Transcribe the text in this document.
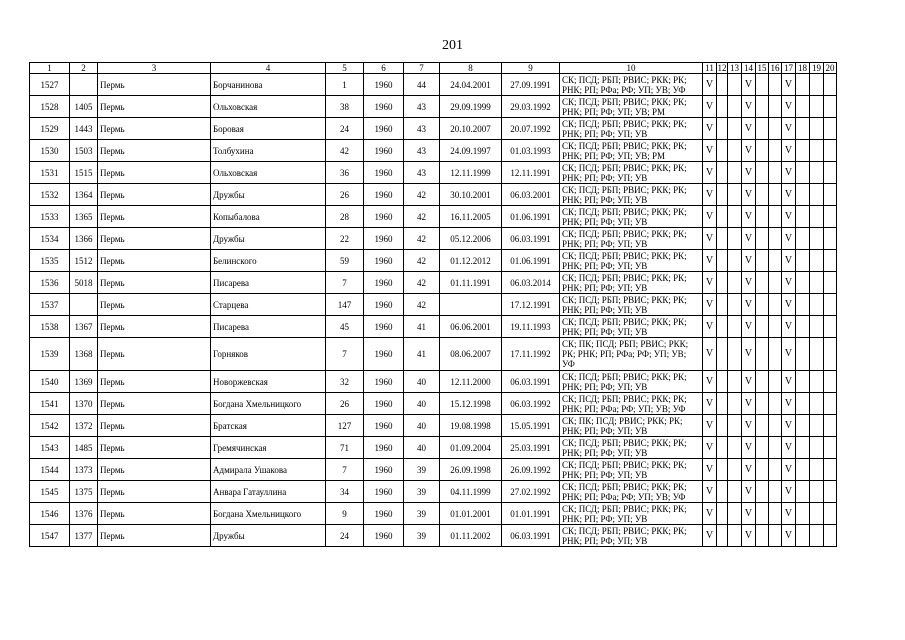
201
1	2	3	4	5	6	7	8	9	10	11	12	13	14	15	16	17	18	19	20
1527		Пермь	Борчанинова	1	1960	44	24.04.2001	27.09.1991	СК; ПСД; РБП; РВИС; РКК; РК; РНК; РП; РФа; РФ; УП; УВ; УФ	V			V			V			
1528	1405	Пермь	Ольховская	38	1960	43	29.09.1999	29.03.1992	СК; ПСД; РБП; РВИС; РКК; РК; РНК; РП; РФ; УП; УВ; РМ	V			V			V			
1529	1443	Пермь	Боровая	24	1960	43	20.10.2007	20.07.1992	СК; ПСД; РБП; РВИС; РКК; РК; РНК; РП; РФ; УП; УВ	V			V			V			
1530	1503	Пермь	Толбухина	42	1960	43	24.09.1997	01.03.1993	СК; ПСД; РБП; РВИС; РКК; РК; РНК; РП; РФ; УП; УВ; РМ	V			V			V			
1531	1515	Пермь	Ольховская	36	1960	43	12.11.1999	12.11.1991	СК; ПСД; РБП; РВИС; РКК; РК; РНК; РП; РФ; УП; УВ	V			V			V			
1532	1364	Пермь	Дружбы	26	1960	42	30.10.2001	06.03.2001	СК; ПСД; РБП; РВИС; РКК; РК; РНК; РП; РФ; УП; УВ	V			V			V			
1533	1365	Пермь	Копыбалова	28	1960	42	16.11.2005	01.06.1991	СК; ПСД; РБП; РВИС; РКК; РК; РНК; РП; РФ; УП; УВ	V			V			V			
1534	1366	Пермь	Дружбы	22	1960	42	05.12.2006	06.03.1991	СК; ПСД; РБП; РВИС; РКК; РК; РНК; РП; РФ; УП; УВ	V			V			V			
1535	1512	Пермь	Белинского	59	1960	42	01.12.2012	01.06.1991	СК; ПСД; РБП; РВИС; РКК; РК; РНК; РП; РФ; УП; УВ	V			V			V			
1536	5018	Пермь	Писарева	7	1960	42	01.11.1991	06.03.2014	СК; ПСД; РБП; РВИС; РКК; РК; РНК; РП; РФ; УП; УВ	V			V			V			
1537		Пермь	Старцева	147	1960	42		17.12.1991	СК; ПСД; РБП; РВИС; РКК; РК; РНК; РП; РФ; УП; УВ	V			V			V			
1538	1367	Пермь	Писарева	45	1960	41	06.06.2001	19.11.1993	СК; ПСД; РБП; РВИС; РКК; РК; РНК; РП; РФ; УП; УВ	V			V			V			
1539	1368	Пермь	Горняков	7	1960	41	08.06.2007	17.11.1992	СК; ПК; ПСД; РБП; РВИС; РКК; РК; РНК; РП; РФа; РФ; УП; УВ; УФ	V			V			V			
1540	1369	Пермь	Новоржевская	32	1960	40	12.11.2000	06.03.1991	СК; ПСД; РБП; РВИС; РКК; РК; РНК; РП; РФ; УП; УВ	V			V			V			
1541	1370	Пермь	Богдана Хмельницкого	26	1960	40	15.12.1998	06.03.1992	СК; ПСД; РБП; РВИС; РКК; РК; РНК; РП; РФа; РФ; УП; УВ; УФ	V			V			V			
1542	1372	Пермь	Братская	127	1960	40	19.08.1998	15.05.1991	СК; ПК; ПСД; РВИС; РКК; РК; РНК; РП; РФ; УП; УВ	V			V			V			
1543	1485	Пермь	Гремячинская	71	1960	40	01.09.2004	25.03.1991	СК; ПСД; РБП; РВИС; РКК; РК; РНК; РП; РФ; УП; УВ	V			V			V			
1544	1373	Пермь	Адмирала Ушакова	7	1960	39	26.09.1998	26.09.1992	СК; ПСД; РБП; РВИС; РКК; РК; РНК; РП; РФ; УП; УВ	V			V			V			
1545	1375	Пермь	Анвара Гатауллина	34	1960	39	04.11.1999	27.02.1992	СК; ПСД; РБП; РВИС; РКК; РК; РНК; РП; РФа; РФ; УП; УВ; УФ	V			V			V			
1546	1376	Пермь	Богдана Хмельницкого	9	1960	39	01.01.2001	01.01.1991	СК; ПСД; РБП; РВИС; РКК; РК; РНК; РП; РФ; УП; УВ	V			V			V			
1547	1377	Пермь	Дружбы	24	1960	39	01.11.2002	06.03.1991	СК; ПСД; РБП; РВИС; РКК; РК; РНК; РП; РФ; УП; УВ	V			V			V			
